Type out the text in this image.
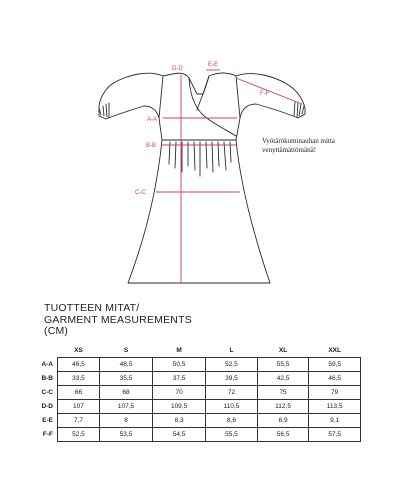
A-A
B-B
C-C
D-D
E-E
F-F
Vyötärökuminauhan mitta
venyttämättömänä!
TUOTTEEN MITAT/
GARMENT MEASUREMENTS
(CM)
	XS	S	M	L	XL	XXL
A-A	46,5	48,5	50,5	52,5	55,5	59,5
B-B	33,5	35,5	37,5	39,5	42,5	46,5
C-C	66	68	70	72	75	79
D-D	107	107,5	109,5	110,5	112,5	113,5
E-E	7,7	8	8,3	8,6	8,9	9,1
F-F	52,5	53,5	54,5	55,5	56,5	57,5
